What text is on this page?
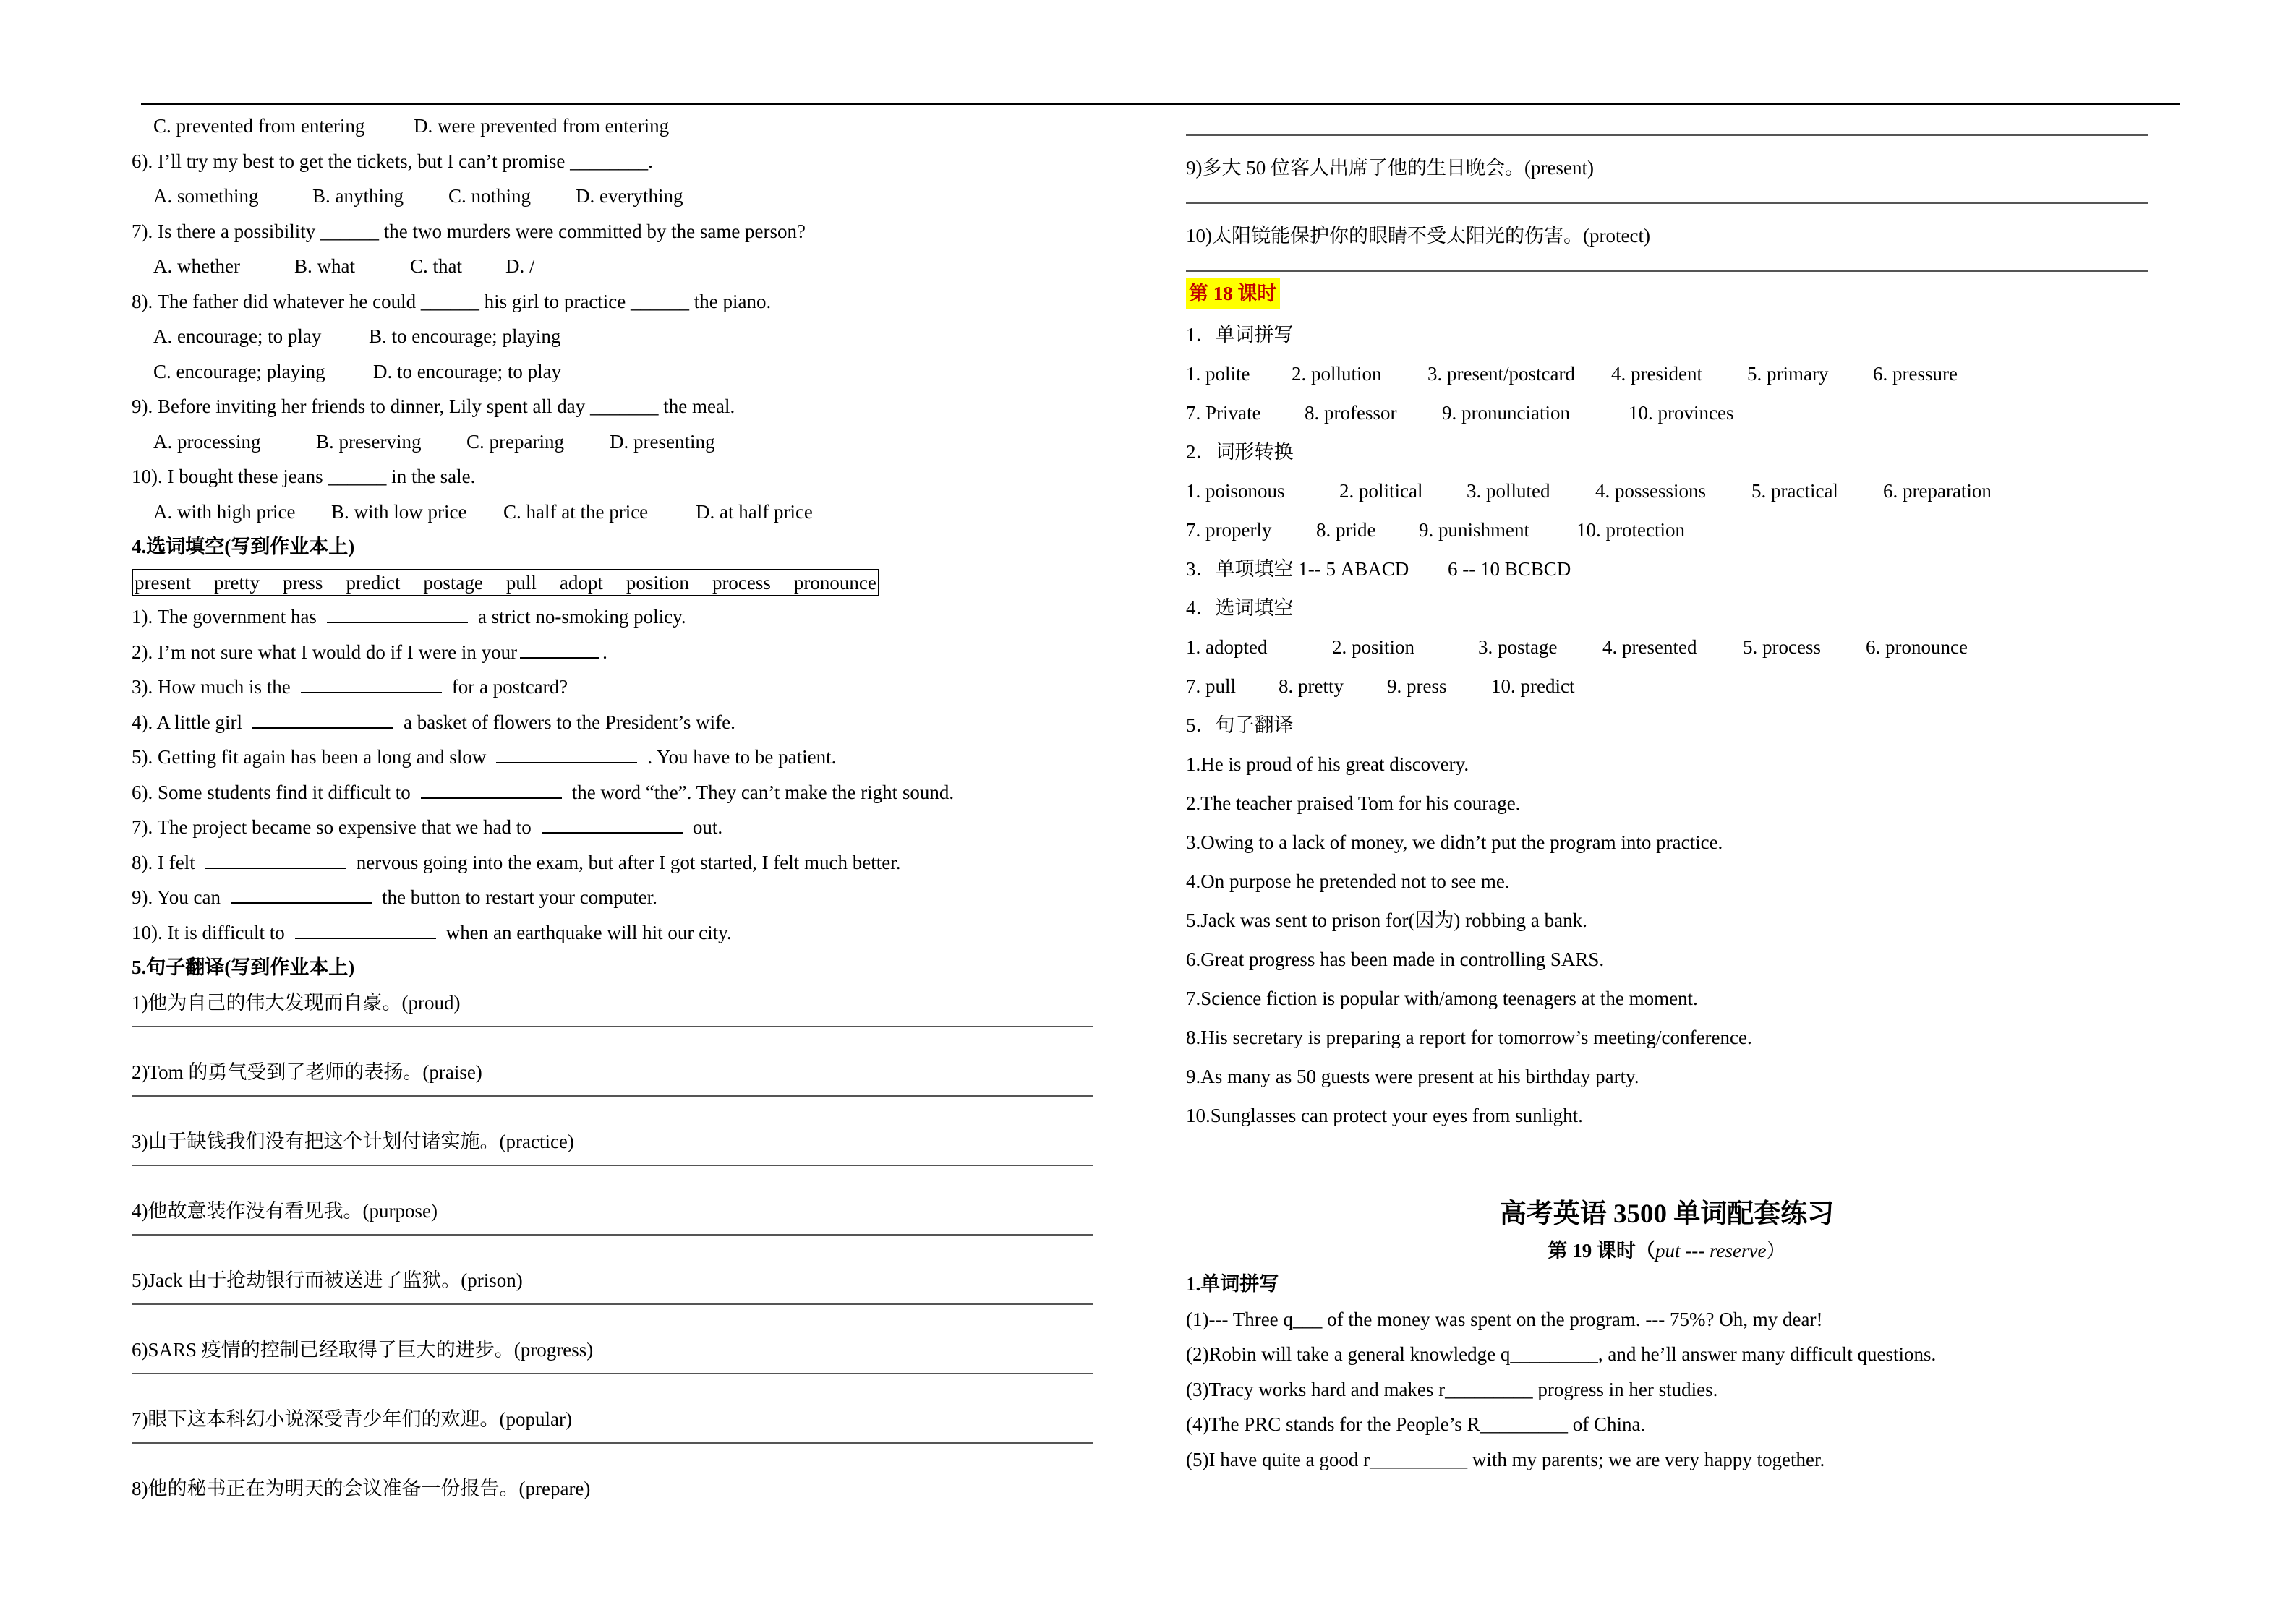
C. prevented from entering	D. were prevented from entering
6). I’ll try my best to get the tickets, but I can’t promise ________.
A. something	B. anything C. nothing D. everything
7). Is there a possibility ______ the two murders were committed by the same person?
A. whether	B. what	C. that D. /
8). The father did whatever he could ______ his girl to practice ______ the piano.
A. encourage; to play B. to encourage; playing
C. encourage; playing D. to encourage; to play
9). Before inviting her friends to dinner, Lily spent all day _______ the meal.
A. processing	B. preserving C. preparing D. presenting
10). I bought these jeans ______ in the sale.
A. with high price B. with low price C. half at the price D. at half price
4.选词填空(写到作业本上)
present pretty press predict postage pull adopt position process pronounce
1). The government has	a strict no-smoking policy.
2). I’m not sure what I would do if I were in your	.
3). How much is the	for a postcard?
4). A little girl	a basket of flowers to the President’s wife.
5). Getting fit again has been a long and slow	. You have to be patient.
6). Some students find it difficult to	the word “the”. They can’t make the right sound.
7). The project became so expensive that we had to	out.
8). I felt	nervous going into the exam, but after I got started, I felt much better.
9). You can	the button to restart your computer.
10). It is difficult to	when an earthquake will hit our city.
5.句子翻译(写到作业本上)
1)他为自己的伟大发现而自豪。(proud)
2)Tom 的勇气受到了老师的表扬。(praise)
3)由于缺钱我们没有把这个计划付诸实施。(practice)
4)他故意装作没有看见我。(purpose)
5)Jack 由于抢劫银行而被送进了监狱。(prison)
6)SARS 疫情的控制已经取得了巨大的进步。(progress)
7)眼下这本科幻小说深受青少年们的欢迎。(popular)
8)他的秘书正在为明天的会议准备一份报告。(prepare)
9)多大 50 位客人出席了他的生日晚会。(present)
10)太阳镜能保护你的眼睛不受太阳光的伤害。(protect)
第 18 课时
1．单词拼写
1. polite 2. pollution 3. present/postcard 4. president 5. primary 6. pressure
7. Private 8. professor 9. pronunciation	10. provinces
2．词形转换
1. poisonous	2. political 3. polluted 4. possessions 5. practical 6. preparation
7. properly 8. pride 9. punishment 10. protection
3．单项填空 1-- 5 ABACD 6 -- 10 BCBCD
4．选词填空
1. adopted	2. position	3. postage 4. presented 5. process 6. pronounce
7. pull 8. pretty 9. press 10. predict
5．句子翻译
1.He is proud of his great discovery.
2.The teacher praised Tom for his courage.
3.Owing to a lack of money, we didn’t put the program into practice.
4.On purpose he pretended not to see me.
5.Jack was sent to prison for(因为) robbing a bank.
6.Great progress has been made in controlling SARS.
7.Science fiction is popular with/among teenagers at the moment.
8.His secretary is preparing a report for tomorrow’s meeting/conference.
9.As many as 50 guests were present at his birthday party.
10.Sunglasses can protect your eyes from sunlight.
高考英语 3500 单词配套练习
第 19 课时（put --- reserve）
1.单词拼写
(1)--- Three q___ of the money was spent on the program. --- 75%? Oh, my dear!
(2)Robin will take a general knowledge q_________, and he’ll answer many difficult questions.
(3)Tracy works hard and makes r_________ progress in her studies.
(4)The PRC stands for the People’s R_________ of China.
(5)I have quite a good r__________ with my parents; we are very happy together.
